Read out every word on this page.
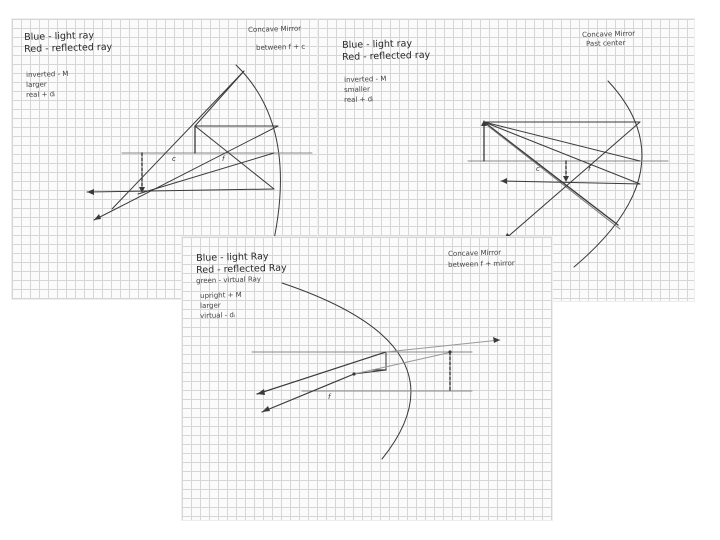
Blue - light ray
Red - reflected ray
Concave Mirror
between f + c
inverted - M
larger
real + dᵢ
c	f
Blue - light ray
Red - reflected ray
Concave Mirror
Past center
inverted - M
smaller
real + dᵢ
c	f
Blue - light Ray
Red - reflected Ray
green - virtual Ray
Concave Mirror
between f + mirror
upright + M
larger
virtual - dᵢ
f
